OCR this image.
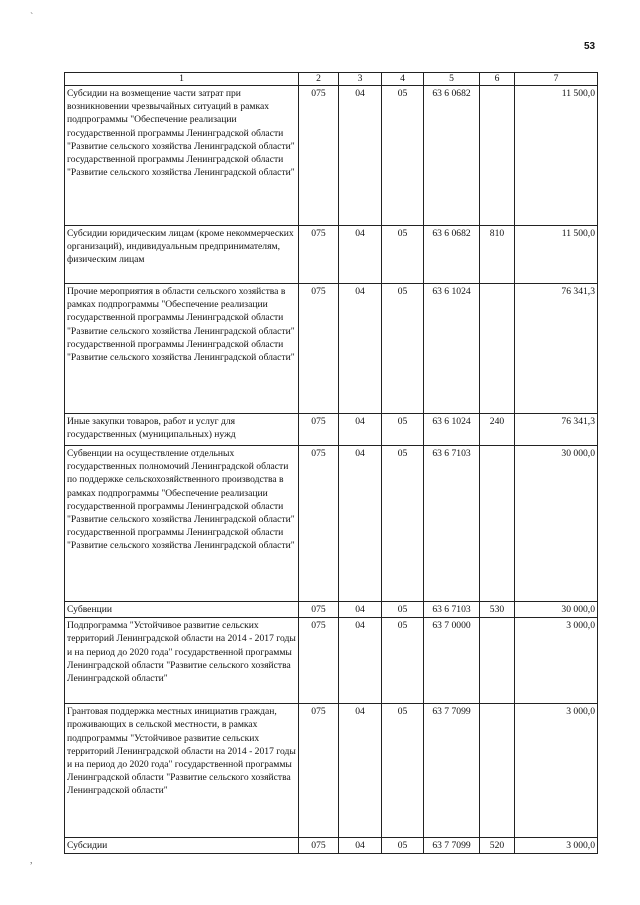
53
`
,
1	2	3	4	5	6	7
Субсидии на возмещение части затрат при возникновении чрезвычайных ситуаций в рамках подпрограммы "Обеспечение реализации государственной программы Ленинградской области "Развитие сельского хозяйства Ленинградской области" государственной программы Ленинградской области "Развитие сельского хозяйства Ленинградской области"	075	04	05	63 6 0682		11 500,0
Субсидии юридическим лицам (кроме некоммерческих организаций), индивидуальным предпринимателям, физическим лицам	075	04	05	63 6 0682	810	11 500,0
Прочие мероприятия в области сельского хозяйства в рамках подпрограммы "Обеспечение реализации государственной программы Ленинградской области "Развитие сельского хозяйства Ленинградской области" государственной программы Ленинградской области "Развитие сельского хозяйства Ленинградской области"	075	04	05	63 6 1024		76 341,3
Иные закупки товаров, работ и услуг для государственных (муниципальных) нужд	075	04	05	63 6 1024	240	76 341,3
Субвенции на осуществление отдельных государственных полномочий Ленинградской области по поддержке сельскохозяйственного производства в рамках подпрограммы "Обеспечение реализации государственной программы Ленинградской области "Развитие сельского хозяйства Ленинградской области" государственной программы Ленинградской области "Развитие сельского хозяйства Ленинградской области"	075	04	05	63 6 7103		30 000,0
Субвенции	075	04	05	63 6 7103	530	30 000,0
Подпрограмма "Устойчивое развитие сельских территорий Ленинградской области на 2014 - 2017 годы и на период до 2020 года" государственной программы Ленинградской области "Развитие сельского хозяйства Ленинградской области"	075	04	05	63 7 0000		3 000,0
Грантовая поддержка местных инициатив граждан, проживающих в сельской местности, в рамках подпрограммы "Устойчивое развитие сельских территорий Ленинградской области на 2014 - 2017 годы и на период до 2020 года" государственной программы Ленинградской области "Развитие сельского хозяйства Ленинградской области"	075	04	05	63 7 7099		3 000,0
Субсидии	075	04	05	63 7 7099	520	3 000,0
